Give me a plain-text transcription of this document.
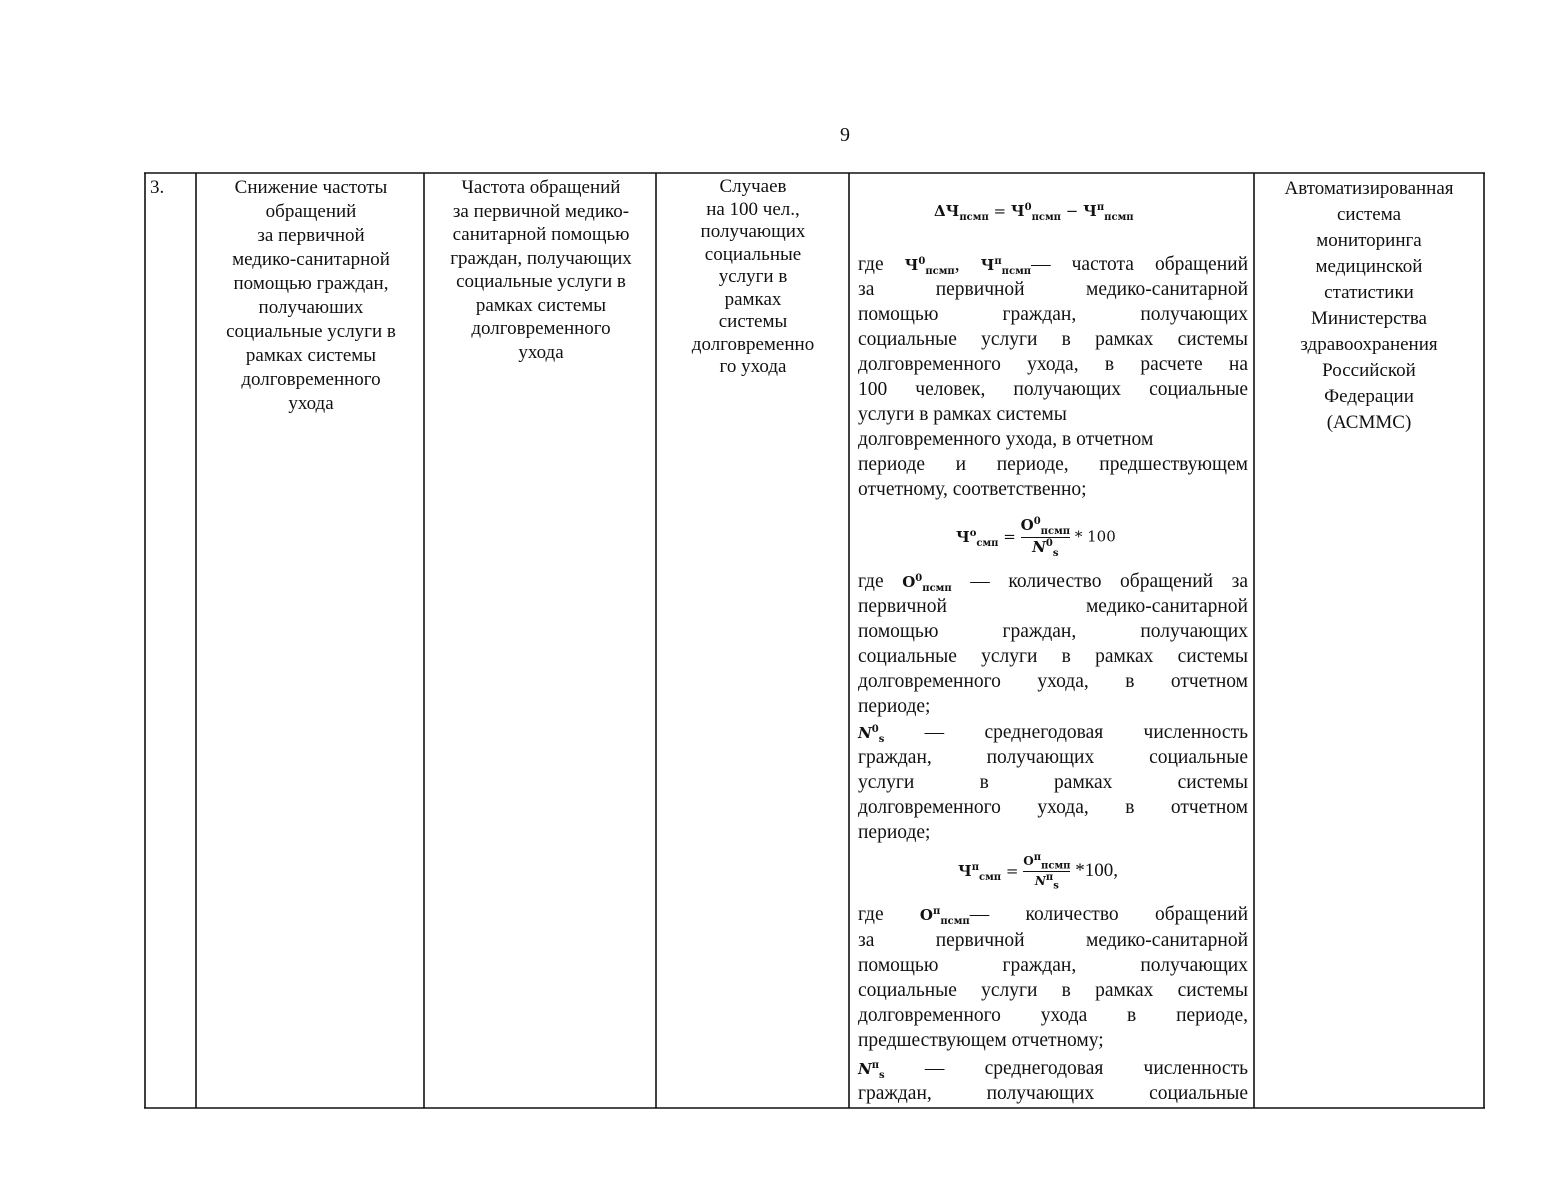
9
3.	Снижение частоты
обращений
за первичной
медико-санитарной
помощью граждан,
получаюших
социальные услуги в
рамках системы
долговременного
ухода
Частота обращений
за первичной медико-
санитарной помощью
граждан, получающих
социальные услуги в
рамках системы
долговременного
ухода
Случаев
на 100 чел.,
получающих
социальные
услуги в
рамках
системы
долговременно
го ухода
$\Delta Ч_{псмп} = Ч^0_{псмп} - Ч^п_{псмп}$
где $Ч^0_{псмп}$, $Ч^п_{псмп}—$ частота обращений
за первичной медико-санитарной
помощью граждан, получающих
социальные услуги в рамках системы
долговременного ухода, в расчете на
100 человек, получающих социальные
услуги в рамках системы
долговременного ухода, в отчетном
периоде и периоде, предшествующем
отчетному, соответственно;
$Ч^о_{смп} = \frac{О^0_{псмп}}{N^0_s} * 100$
где $О^0_{псмп}$ — количество обращений за
первичной медико-санитарной
помощью граждан, получающих
социальные услуги в рамках системы
долговременного ухода, в отчетном
периоде;
$N^0_s$ — среднегодовая численность
граждан, получающих социальные
услуги в рамках системы
долговременного ухода, в отчетном
периоде;
$Ч^п_{смп} = \frac{О^п_{псмп}}{N^п_s} *100$,
где $О^п_{псмп}—$ количество обращений
за первичной медико-санитарной
помощью граждан, получающих
социальные услуги в рамках системы
долговременного ухода в периоде,
предшествующем отчетному;
$N^п_s$ — среднегодовая численность
граждан, получающих социальные
Автоматизированная
система
мониторинга
медицинской
статистики
Министерства
здравоохранения
Российской
Федерации
(АСММС)
